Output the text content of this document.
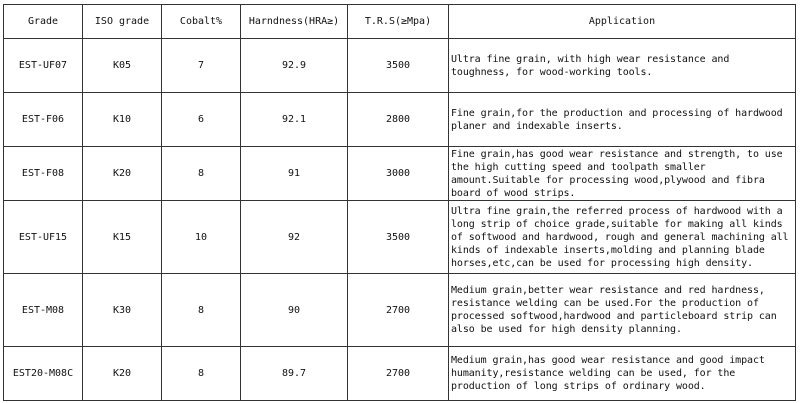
Grade	ISO grade	Cobalt%	Harndness(HRA≥)	T.R.S(≥Mpa)	Application
EST-UF07	K05	7	92.9	3500	Ultra fine grain, with high wear resistance and toughness, for wood-working tools.
EST-F06	K10	6	92.1	2800	Fine grain,for the production and processing of hardwood planer and indexable inserts.
EST-F08	K20	8	91	3000	Fine grain,has good wear resistance and strength, to use the high cutting speed and toolpath smaller amount.Suitable for processing wood,plywood and fibra board of wood strips.
EST-UF15	K15	10	92	3500	Ultra fine grain,the referred process of hardwood with a long strip of choice grade,suitable for making all kinds of softwood and hardwood, rough and general machining all kinds of indexable inserts,molding and planning blade horses,etc,can be used for processing high density.
EST-M08	K30	8	90	2700	Medium grain,better wear resistance and red hardness, resistance welding can be used.For the production of processed softwood,hardwood and particleboard strip can also be used for high density planning.
EST20-M08C	K20	8	89.7	2700	Medium grain,has good wear resistance and good impact humanity,resistance welding can be used, for the production of long strips of ordinary wood.
